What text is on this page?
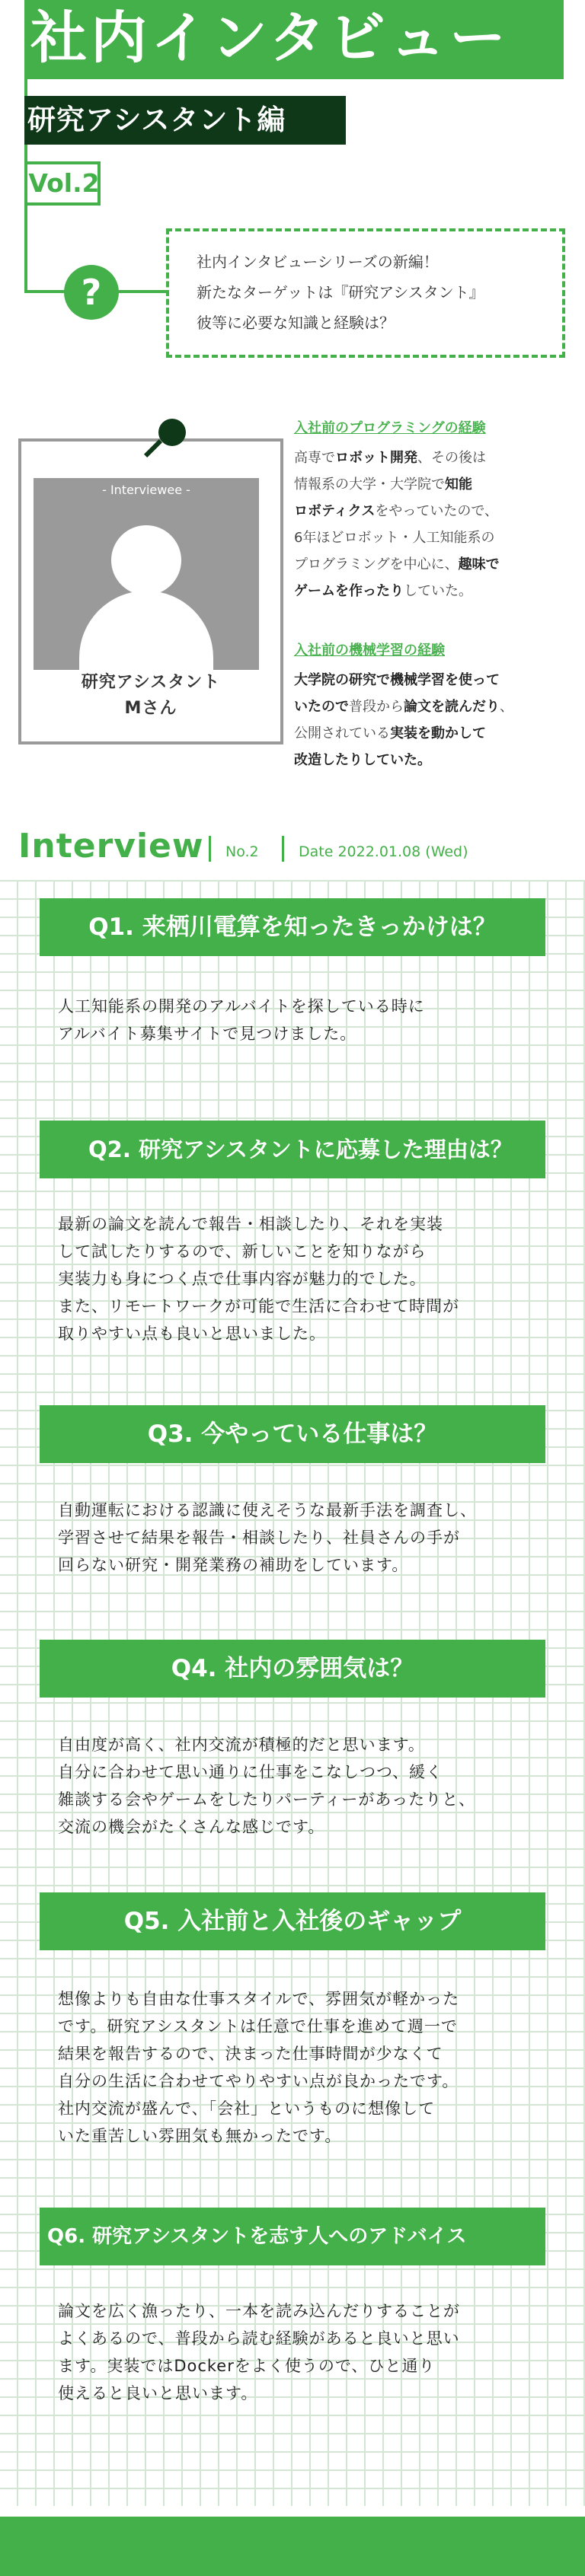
社内インタビュー
研究アシスタント編
Vol.2
?
社内インタビューシリーズの新編！
新たなターゲットは『研究アシスタント』
彼等に必要な知識と経験は？
- Interviewee -
研究アシスタント
Mさん
入社前のプログラミングの経験
高専でロボット開発、その後は
情報系の大学・大学院で知能
ロボティクスをやっていたので、
6年ほどロボット・人工知能系の
プログラミングを中心に、趣味で
ゲームを作ったりしていた。
入社前の機械学習の経験
大学院の研究で機械学習を使って
いたので普段から論文を読んだり、
公開されている実装を動かして
改造したりしていた。
Interview No.2	Date 2022.01.08 (Wed)
Q1. 来栖川電算を知ったきっかけは？
人工知能系の開発のアルバイトを探している時に
アルバイト募集サイトで見つけました。
Q2. 研究アシスタントに応募した理由は？
最新の論文を読んで報告・相談したり、それを実装
して試したりするので、新しいことを知りながら
実装力も身につく点で仕事内容が魅力的でした。
また、リモートワークが可能で生活に合わせて時間が
取りやすい点も良いと思いました。
Q3. 今やっている仕事は？
自動運転における認識に使えそうな最新手法を調査し、
学習させて結果を報告・相談したり、社員さんの手が
回らない研究・開発業務の補助をしています。
Q4. 社内の雰囲気は？
自由度が高く、社内交流が積極的だと思います。
自分に合わせて思い通りに仕事をこなしつつ、緩く
雑談する会やゲームをしたりパーティーがあったりと、
交流の機会がたくさんな感じです。
Q5. 入社前と入社後のギャップ
想像よりも自由な仕事スタイルで、雰囲気が軽かった
です。研究アシスタントは任意で仕事を進めて週一で
結果を報告するので、決まった仕事時間が少なくて
自分の生活に合わせてやりやすい点が良かったです。
社内交流が盛んで、「会社」というものに想像して
いた重苦しい雰囲気も無かったです。
Q6. 研究アシスタントを志す人へのアドバイス
論文を広く漁ったり、一本を読み込んだりすることが
よくあるので、普段から読む経験があると良いと思い
ます。実装ではDockerをよく使うので、ひと通り
使えると良いと思います。
